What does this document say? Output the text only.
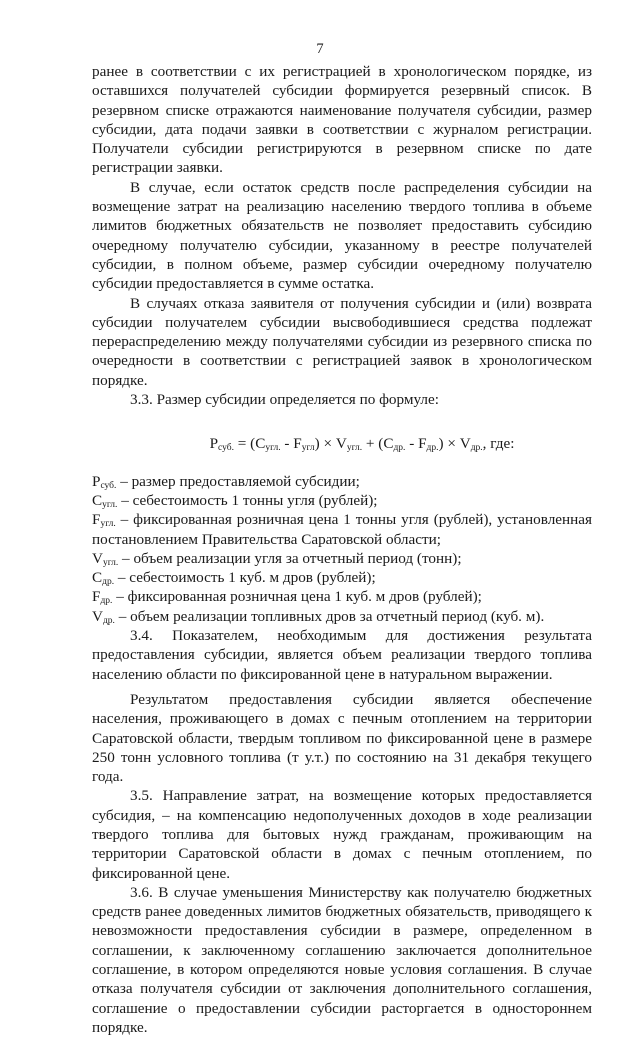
7

ранее в соответствии с их регистрацией в хронологическом порядке, из оставшихся получателей субсидии формируется резервный список. В резервном списке отражаются наименование получателя субсидии, размер субсидии, дата подачи заявки в соответствии с журналом регистрации. Получатели субсидии регистрируются в резервном списке по дате регистрации заявки.

В случае, если остаток средств после распределения субсидии на возмещение затрат на реализацию населению твердого топлива в объеме лимитов бюджетных обязательств не позволяет предоставить субсидию очередному получателю субсидии, указанному в реестре получателей субсидии, в полном объеме, размер субсидии очередному получателю субсидии предоставляется в сумме остатка.

В случаях отказа заявителя от получения субсидии и (или) возврата субсидии получателем субсидии высвободившиеся средства подлежат перераспределению между получателями субсидии из резервного списка по очередности в соответствии с регистрацией заявок в хронологическом порядке.

3.3. Размер субсидии определяется по формуле:

$P_{суб.} = (C_{угл.} - F_{угл}) \times V_{угл.} + (C_{др.} - F_{др.}) \times V_{др.}$, где:

$P_{суб.}$ – размер предоставляемой субсидии;

$C_{угл.}$ – себестоимость 1 тонны угля (рублей);

$F_{угл.}$ – фиксированная розничная цена 1 тонны угля (рублей), установленная постановлением Правительства Саратовской области;

$V_{угл.}$ – объем реализации угля за отчетный период (тонн);

$C_{др.}$ – себестоимость 1 куб. м дров (рублей);

$F_{др.}$ – фиксированная розничная цена 1 куб. м дров (рублей);

$V_{др.}$ – объем реализации топливных дров за отчетный период (куб. м).

3.4. Показателем, необходимым для достижения результата предоставления субсидии, является объем реализации твердого топлива населению области по фиксированной цене в натуральном выражении.

Результатом предоставления субсидии является обеспечение населения, проживающего в домах с печным отоплением на территории Саратовской области, твердым топливом по фиксированной цене в размере 250 тонн условного топлива (т у.т.) по состоянию на 31 декабря текущего года.

3.5. Направление затрат, на возмещение которых предоставляется субсидия, – на компенсацию недополученных доходов в ходе реализации твердого топлива для бытовых нужд гражданам, проживающим на территории Саратовской области в домах с печным отоплением, по фиксированной цене.

3.6. В случае уменьшения Министерству как получателю бюджетных средств ранее доведенных лимитов бюджетных обязательств, приводящего к невозможности предоставления субсидии в размере, определенном в соглашении, к заключенному соглашению заключается дополнительное соглашение, в котором определяются новые условия соглашения. В случае отказа получателя субсидии от заключения дополнительного соглашения, соглашение о предоставлении субсидии расторгается в одностороннем порядке.
